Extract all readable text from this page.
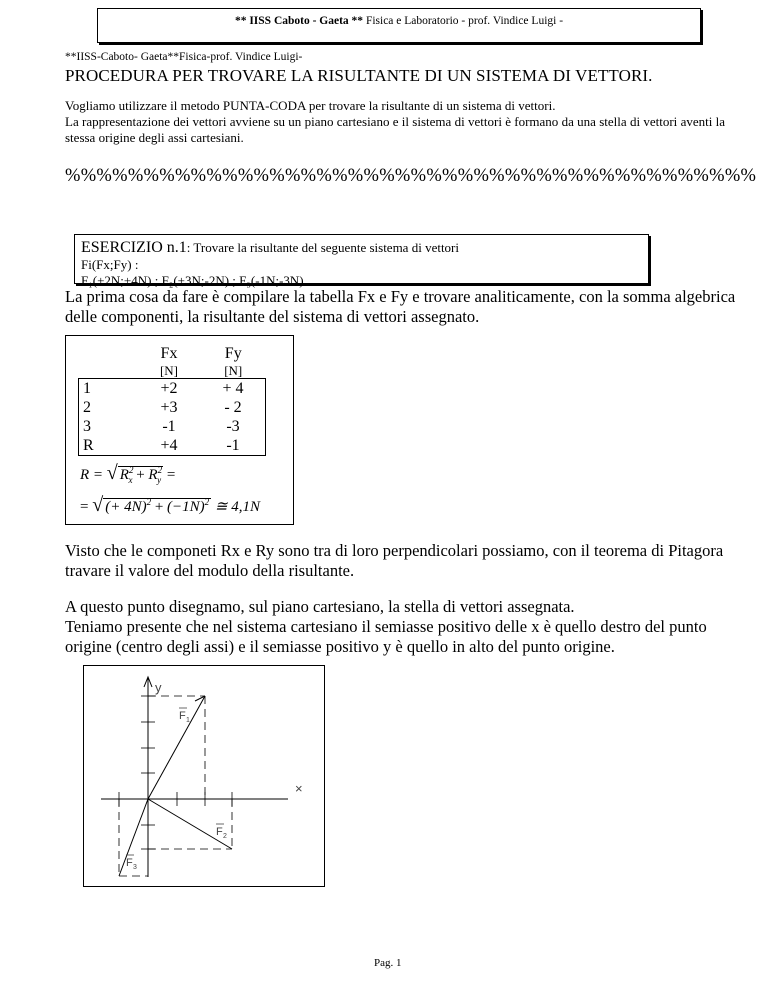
** IISS Caboto - Gaeta ** Fisica e Laboratorio - prof. Vindice Luigi -
**IISS-Caboto- Gaeta**Fisica-prof. Vindice Luigi-
PROCEDURA PER TROVARE LA RISULTANTE DI UN SISTEMA DI VETTORI.
Vogliamo utilizzare il metodo PUNTA-CODA per trovare la risultante di un sistema di vettori.
La rappresentazione dei vettori avviene su un piano cartesiano e il sistema di vettori è formano da una stella di vettori aventi la stessa origine degli assi cartesiani.
%%%%%%%%%%%%%%%%%%%%%%%%%%%%%%%%%%%%%%%%%%%%
ESERCIZIO n.1: Trovare la risultante del seguente sistema di vettori
Fi(Fx;Fy) :
F₁(+2N;+4N) ; F₂(+3N;-2N) ; F₃(-1N;-3N).
La prima cosa da fare è compilare la tabella Fx e Fy e trovare analiticamente, con la somma algebrica delle componenti, la risultante del sistema di vettori assegnato.
	Fx	Fy
	[N]	[N]
1	+2	+ 4
2	+3	- 2
3	-1	-3
R	+4	-1
R = √ $R^2_x + R^2_y$ =
= √ (+ $4N)^2 + (-1N)^2$ ≅ 4,1N
Visto che le componeti Rx e Ry sono tra di loro perpendicolari possiamo, con il teorema di Pitagora travare il valore del modulo della risultante.
A questo punto disegnamo, sul piano cartesiano, la stella di vettori assegnata.
Teniamo presente che nel sistema cartesiano il semiasse positivo delle x è quello destro del punto origine (centro degli assi) e il semiasse positivo y è quello in alto del punto origine.
y
×
F 1
F 2
F 3
Pag. 1
